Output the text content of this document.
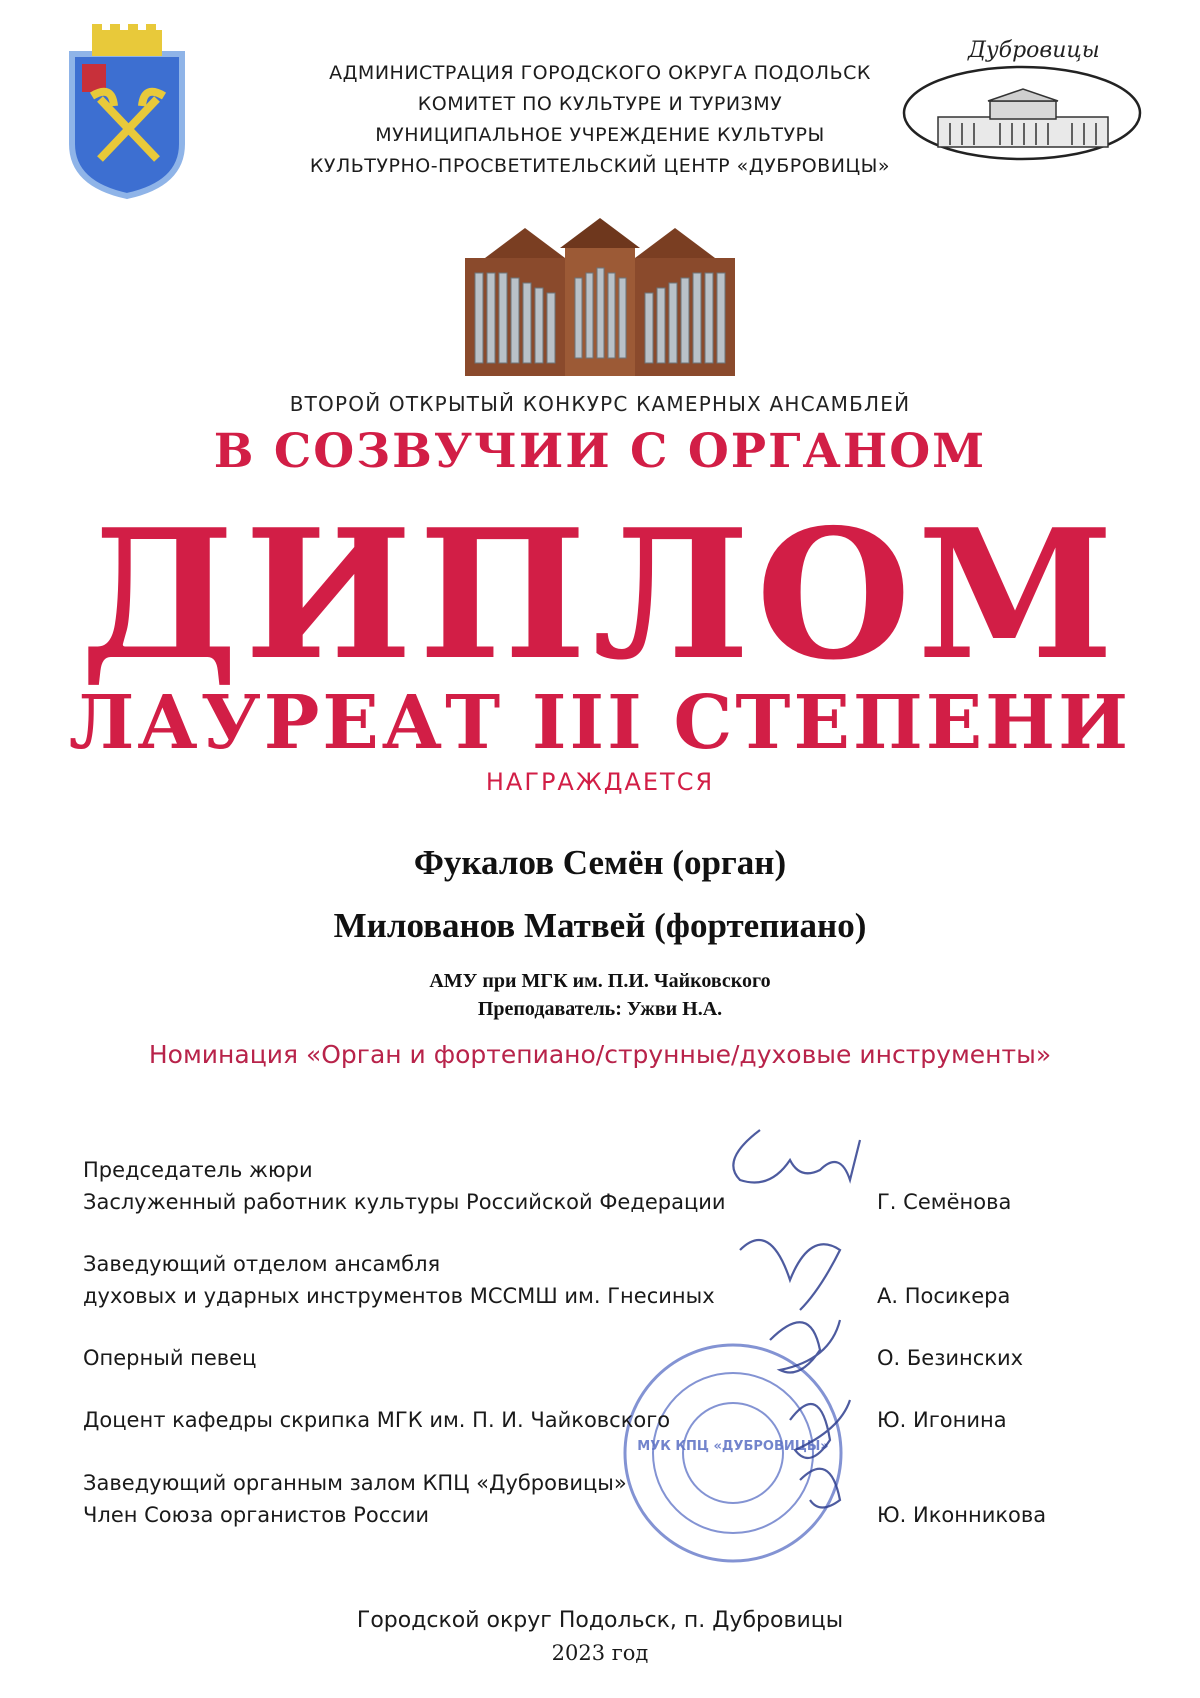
АДМИНИСТРАЦИЯ ГОРОДСКОГО ОКРУГА ПОДОЛЬСК
КОМИТЕТ ПО КУЛЬТУРЕ И ТУРИЗМУ
МУНИЦИПАЛЬНОЕ УЧРЕЖДЕНИЕ КУЛЬТУРЫ
КУЛЬТУРНО-ПРОСВЕТИТЕЛЬСКИЙ ЦЕНТР «ДУБРОВИЦЫ»
Дубровицы
ВТОРОЙ ОТКРЫТЫЙ КОНКУРС КАМЕРНЫХ АНСАМБЛЕЙ
В СОЗВУЧИИ С ОРГАНОМ
ДИПЛОМ
ЛАУРЕАТ III СТЕПЕНИ
НАГРАЖДАЕТСЯ
Фукалов Семён (орган)
Милованов Матвей (фортепиано)
АМУ при МГК им. П.И. Чайковского
Преподаватель: Ужви Н.А.
Номинация «Орган и фортепиано/струнные/духовые инструменты»
МУК КПЦ «ДУБРОВИЦЫ»
Председатель жюри
Заслуженный работник культуры Российской Федерации	Г. Семёнова
Заведующий отделом ансамбля
духовых и ударных инструментов МССМШ им. Гнесиных	А. Посикера
Оперный певец	О. Безинских
Доцент кафедры скрипка МГК им. П. И. Чайковского	Ю. Игонина
Заведующий органным залом КПЦ «Дубровицы»
Член Союза органистов России	Ю. Иконникова
Городской округ Подольск, п. Дубровицы
2023 год
